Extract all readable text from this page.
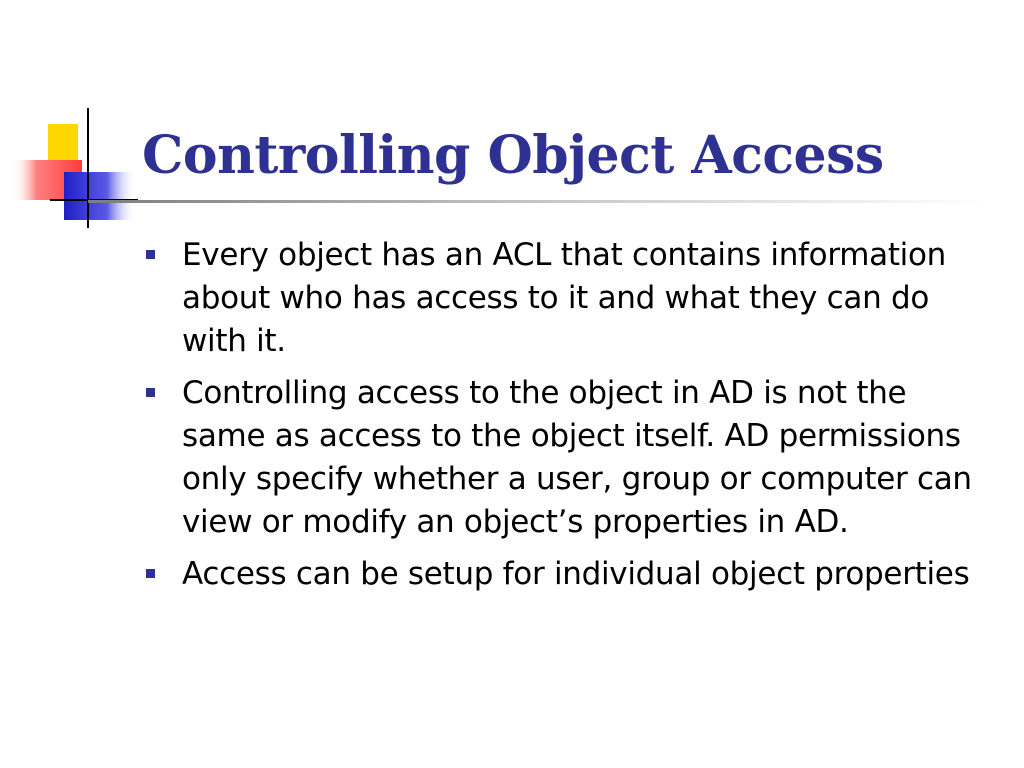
Controlling Object Access
Every object has an ACL that contains information about who has access to it and what they can do with it.
Controlling access to the object in AD is not the same as access to the object itself. AD permissions only specify whether a user, group or computer can view or modify an object’s properties in AD.
Access can be setup for individual object properties
